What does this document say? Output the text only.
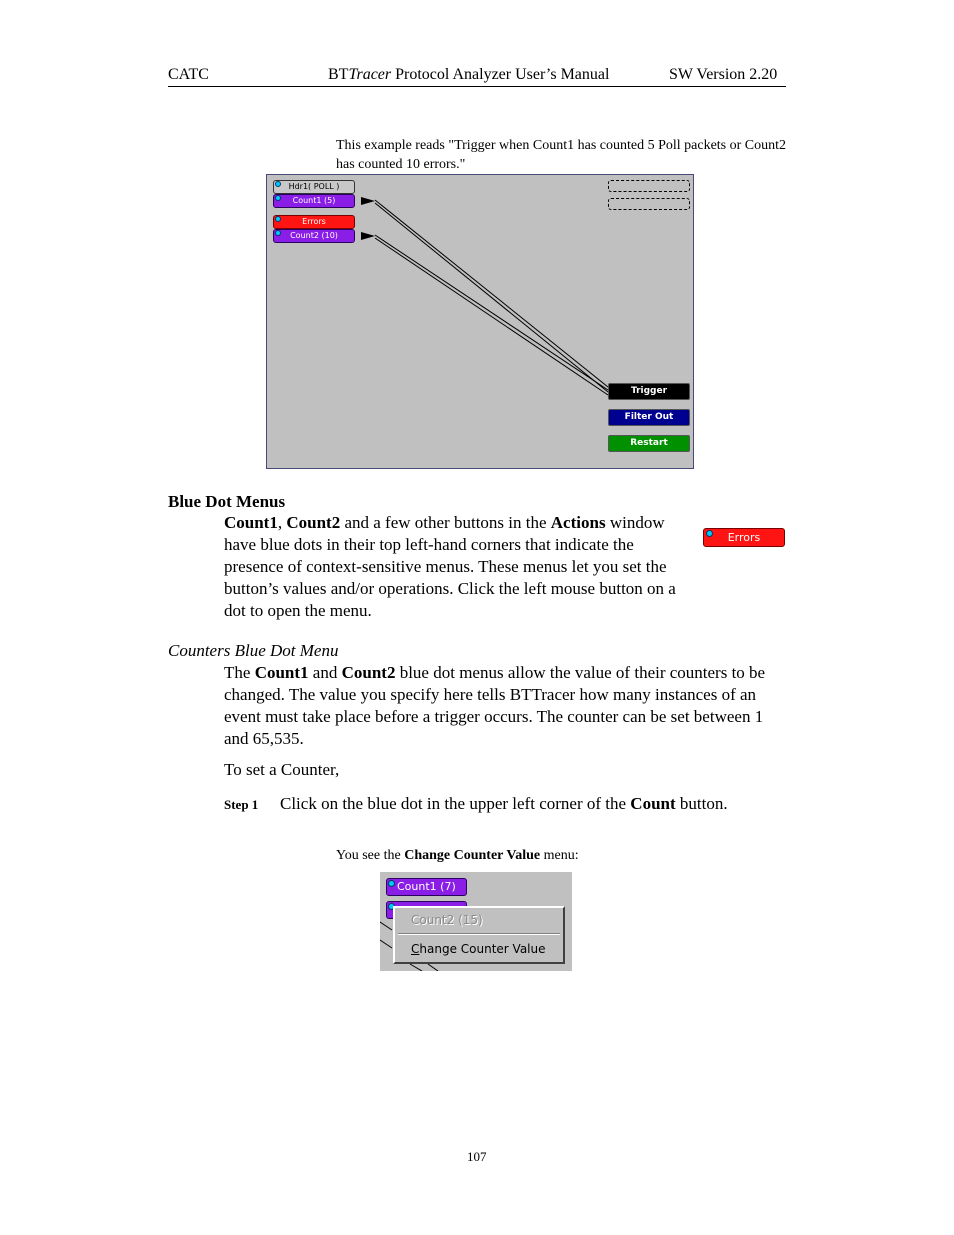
CATC	BTTracer Protocol Analyzer User’s Manual	SW Version 2.20
This example reads "Trigger when Count1 has counted 5 Poll packets or Count2 has counted 10 errors."
Hdr1( POLL )
Count1 (5)
Errors
Count2 (10)
Trigger
Filter Out
Restart
Blue Dot Menus
Count1, Count2 and a few other buttons in the Actions window have blue dots in their top left-hand corners that indicate the presence of context-sensitive menus. These menus let you set the button’s values and/or operations. Click the left mouse button on a dot to open the menu.
Errors
Counters Blue Dot Menu
The Count1 and Count2 blue dot menus allow the value of their counters to be changed. The value you specify here tells BTTracer how many instances of an event must take place before a trigger occurs. The counter can be set between 1 and 65,535.
To set a Counter,
Step 1 Click on the blue dot in the upper left corner of the Count button.
You see the Change Counter Value menu:
Count1 (7)
Count2 (15)
Change Counter Value
107
